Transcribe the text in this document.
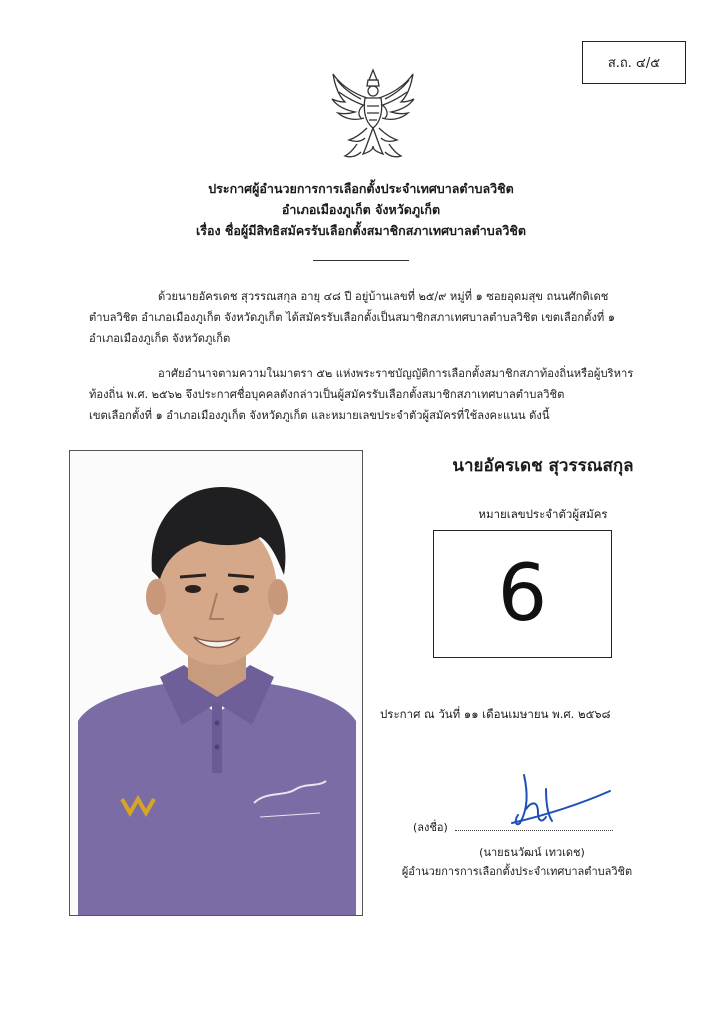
ส.ถ. ๔/๕
ประกาศผู้อำนวยการการเลือกตั้งประจำเทศบาลตำบลวิชิต
อำเภอเมืองภูเก็ต จังหวัดภูเก็ต
เรื่อง ชื่อผู้มีสิทธิสมัครรับเลือกตั้งสมาชิกสภาเทศบาลตำบลวิชิต
ด้วยนายอัครเดช สุวรรณสกุล อายุ ๔๘ ปี อยู่บ้านเลขที่ ๒๕/๙ หมู่ที่ ๑ ซอยอุดมสุข ถนนศักดิเดช
ตำบลวิชิต อำเภอเมืองภูเก็ต จังหวัดภูเก็ต ได้สมัครรับเลือกตั้งเป็นสมาชิกสภาเทศบาลตำบลวิชิต เขตเลือกตั้งที่ ๑
อำเภอเมืองภูเก็ต จังหวัดภูเก็ต
อาศัยอำนาจตามความในมาตรา ๕๒ แห่งพระราชบัญญัติการเลือกตั้งสมาชิกสภาท้องถิ่นหรือผู้บริหาร
ท้องถิ่น พ.ศ. ๒๕๖๒ จึงประกาศชื่อบุคคลดังกล่าวเป็นผู้สมัครรับเลือกตั้งสมาชิกสภาเทศบาลตำบลวิชิต
เขตเลือกตั้งที่ ๑ อำเภอเมืองภูเก็ต จังหวัดภูเก็ต และหมายเลขประจำตัวผู้สมัครที่ใช้ลงคะแนน ดังนี้
นายอัครเดช สุวรรณสกุล
หมายเลขประจำตัวผู้สมัคร
6
ประกาศ ณ วันที่ ๑๑ เดือนเมษายน พ.ศ. ๒๕๖๘
(ลงชื่อ)
(นายธนวัฒน์ เทวเดช)
ผู้อำนวยการการเลือกตั้งประจำเทศบาลตำบลวิชิต
